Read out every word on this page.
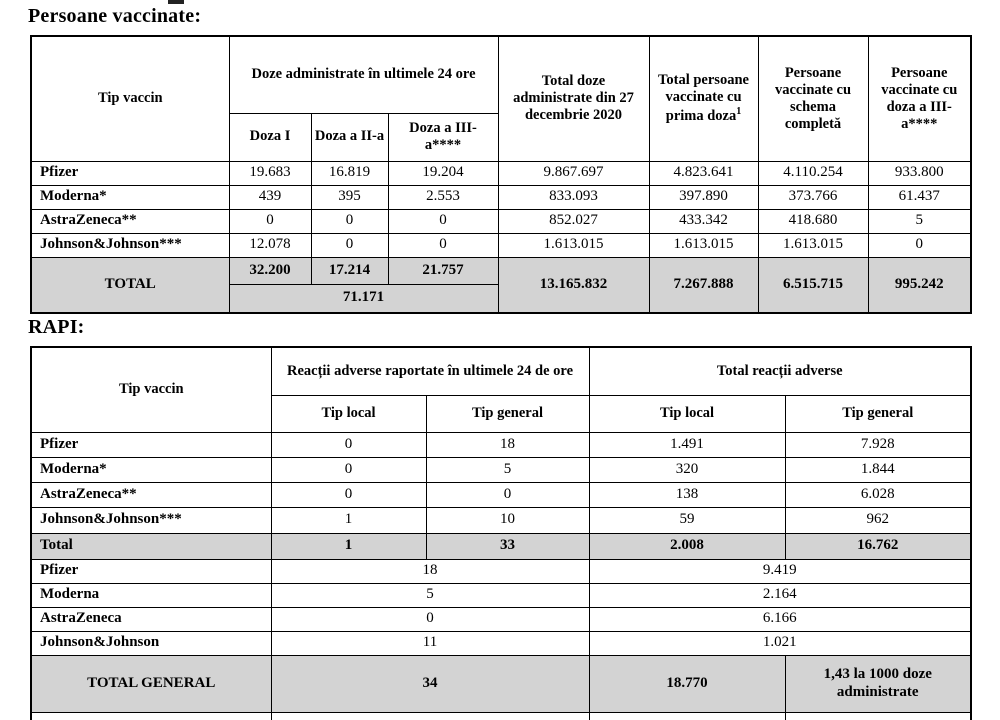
Persoane vaccinate:
Tip vaccin	Doze administrate în ultimele 24 ore			Total doze administrate din 27 decembrie 2020	Total persoane vaccinate cu prima doza$^1$	Persoane vaccinate cu schema completă	Persoane vaccinate cu doza a III-a****
	Doza I	Doza a II-a	Doza a III-a****				
Pfizer	19.683	16.819	19.204	9.867.697	4.823.641	4.110.254	933.800
Moderna*	439	395	2.553	833.093	397.890	373.766	61.437
AstraZeneca**	0	0	0	852.027	433.342	418.680	5
Johnson&Johnson***	12.078	0	0	1.613.015	1.613.015	1.613.015	0
TOTAL	32.200	17.214	21.757	13.165.832	7.267.888	6.515.715	995.242
	71.171						
RAPI:
Tip vaccin	Reacții adverse raportate în ultimele 24 de ore		Total reacții adverse	
	Tip local	Tip general	Tip local	Tip general
Pfizer	0	18	1.491	7.928
Moderna*	0	5	320	1.844
AstraZeneca**	0	0	138	6.028
Johnson&Johnson***	1	10	59	962
Total	1	33	2.008	16.762
Pfizer	18		9.419	
Moderna	5		2.164	
AstraZeneca	0		6.166	
Johnson&Johnson	11		1.021	
TOTAL GENERAL	34		18.770	1,43 la 1000 doze administrate
